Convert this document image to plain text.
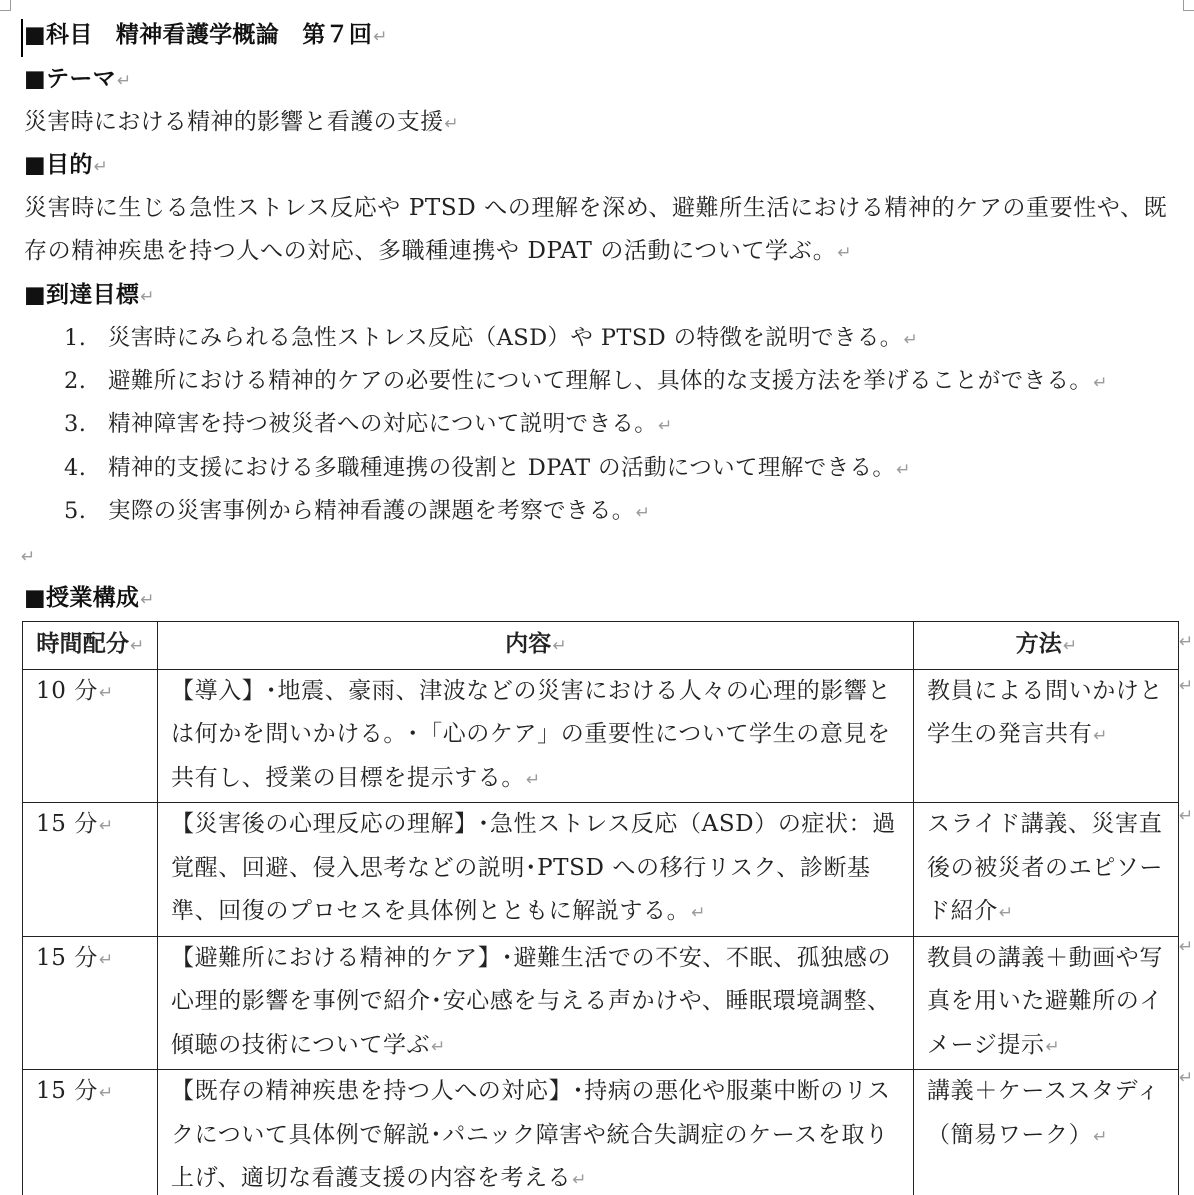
■科目　精神看護学概論　第７回↵
■テーマ↵
災害時における精神的影響と看護の支援↵
■目的↵
災害時に生じる急性ストレス反応や PTSD への理解を深め、避難所生活における精神的ケアの重要性や、既存の精神疾患を持つ人への対応、多職種連携や DPAT の活動について学ぶ。↵
■到達目標↵
1. 災害時にみられる急性ストレス反応（ASD）や PTSD の特徴を説明できる。↵
2. 避難所における精神的ケアの必要性について理解し、具体的な支援方法を挙げることができる。↵
3. 精神障害を持つ被災者への対応について説明できる。↵
4. 精神的支援における多職種連携の役割と DPAT の活動について理解できる。↵
5. 実際の災害事例から精神看護の課題を考察できる。↵
↵
■授業構成↵
時間配分↵	内容↵	方法↵
10 分↵	【導入】･地震、豪雨、津波などの災害における人々の心理的影響とは何かを問いかける。･「心のケア」の重要性について学生の意見を共有し、授業の目標を提示する。↵	教員による問いかけと学生の発言共有↵
15 分↵	【災害後の心理反応の理解】･急性ストレス反応（ASD）の症状：過覚醒、回避、侵入思考などの説明･PTSD への移行リスク、診断基準、回復のプロセスを具体例とともに解説する。↵	スライド講義、災害直後の被災者のエピソード紹介↵
15 分↵	【避難所における精神的ケア】･避難生活での不安、不眠、孤独感の心理的影響を事例で紹介･安心感を与える声かけや、睡眠環境調整、傾聴の技術について学ぶ↵	教員の講義＋動画や写真を用いた避難所のイメージ提示↵
15 分↵	【既存の精神疾患を持つ人への対応】･持病の悪化や服薬中断のリスクについて具体例で解説･パニック障害や統合失調症のケースを取り上げ、適切な看護支援の内容を考える↵	講義＋ケーススタディ（簡易ワーク）↵

↵
↵
↵
↵
↵
